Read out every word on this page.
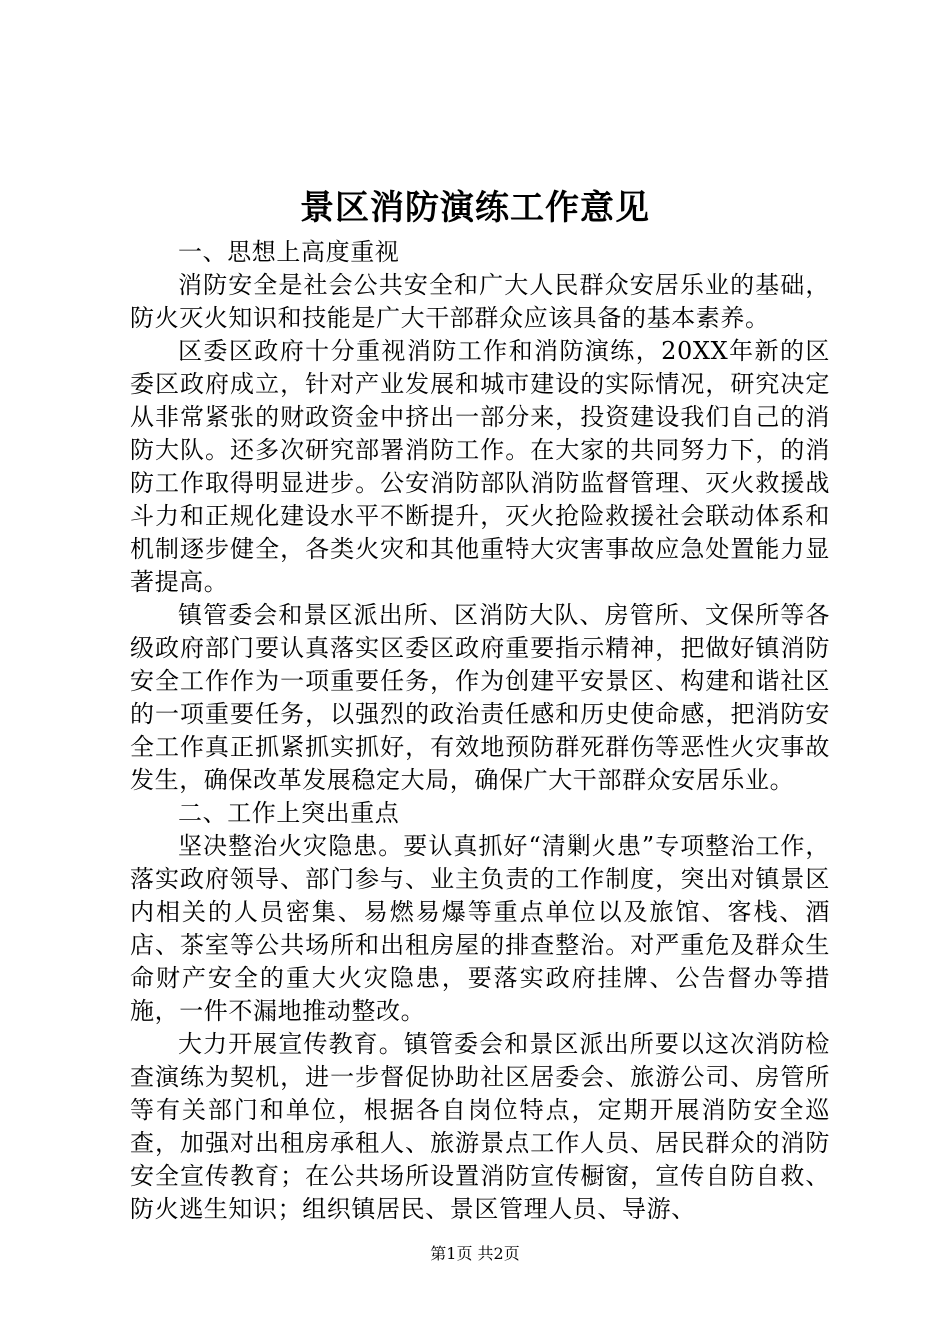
景区消防演练工作意见

一、思想上高度重视

消防安全是社会公共安全和广大人民群众安居乐业的基础，防火灭火知识和技能是广大干部群众应该具备的基本素养。

区委区政府十分重视消防工作和消防演练，20XX年新的区委区政府成立，针对产业发展和城市建设的实际情况，研究决定从非常紧张的财政资金中挤出一部分来，投资建设我们自己的消防大队。还多次研究部署消防工作。在大家的共同努力下，的消防工作取得明显进步。公安消防部队消防监督管理、灭火救援战斗力和正规化建设水平不断提升，灭火抢险救援社会联动体系和机制逐步健全，各类火灾和其他重特大灾害事故应急处置能力显著提高。

镇管委会和景区派出所、区消防大队、房管所、文保所等各级政府部门要认真落实区委区政府重要指示精神，把做好镇消防安全工作作为一项重要任务，作为创建平安景区、构建和谐社区的一项重要任务，以强烈的政治责任感和历史使命感，把消防安全工作真正抓紧抓实抓好，有效地预防群死群伤等恶性火灾事故发生，确保改革发展稳定大局，确保广大干部群众安居乐业。

二、工作上突出重点

坚决整治火灾隐患。要认真抓好“清剿火患”专项整治工作，落实政府领导、部门参与、业主负责的工作制度，突出对镇景区内相关的人员密集、易燃易爆等重点单位以及旅馆、客栈、酒店、茶室等公共场所和出租房屋的排查整治。对严重危及群众生命财产安全的重大火灾隐患，要落实政府挂牌、公告督办等措施，一件不漏地推动整改。

大力开展宣传教育。镇管委会和景区派出所要以这次消防检查演练为契机，进一步督促协助社区居委会、旅游公司、房管所等有关部门和单位，根据各自岗位特点，定期开展消防安全巡查，加强对出租房承租人、旅游景点工作人员、居民群众的消防安全宣传教育；在公共场所设置消防宣传橱窗，宣传自防自救、防火逃生知识；组织镇居民、景区管理人员、导游、

第1页 共2页
